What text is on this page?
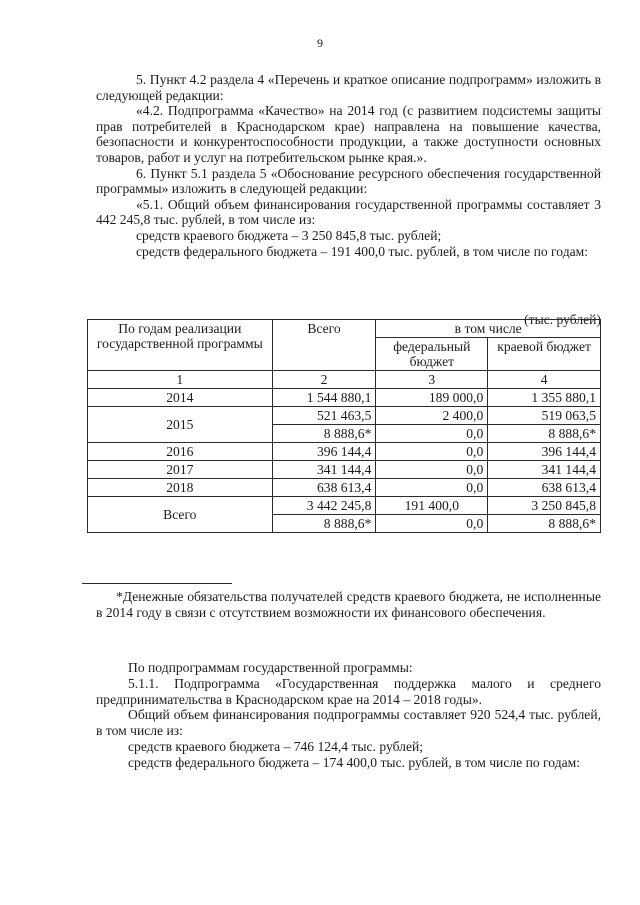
9

5. Пункт 4.2 раздела 4 «Перечень и краткое описание подпрограмм» изложить в следующей редакции:

«4.2. Подпрограмма «Качество» на 2014 год (с развитием подсистемы защиты прав потребителей в Краснодарском крае) направлена на повышение качества, безопасности и конкурентоспособности продукции, а также доступности основных товаров, работ и услуг на потребительском рынке края.».

6. Пункт 5.1 раздела 5 «Обоснование ресурсного обеспечения государственной программы» изложить в следующей редакции:

«5.1. Общий объем финансирования государственной программы составляет 3 442 245,8 тыс. рублей, в том числе из:

средств краевого бюджета – 3 250 845,8 тыс. рублей;

средств федерального бюджета – 191 400,0 тыс. рублей, в том числе по годам:

(тыс. рублей)
По годам реализации государственной программы	Всего	в том числе	
		федеральный бюджет	краевой бюджет
1	2	3	4
2014	1 544 880,1	189 000,0	1 355 880,1
2015	521 463,5	2 400,0	519 063,5
	8 888,6*	0,0	8 888,6*
2016	396 144,4	0,0	396 144,4
2017	341 144,4	0,0	341 144,4
2018	638 613,4	0,0	638 613,4
Всего	3 442 245,8	191 400,0	3 250 845,8
	8 888,6*	0,0	8 888,6*

*Денежные обязательства получателей средств краевого бюджета, не исполненные в 2014 году в связи с отсутствием возможности их финансового обеспечения.

По подпрограммам государственной программы:

5.1.1. Подпрограмма «Государственная поддержка малого и среднего предпринимательства в Краснодарском крае на 2014 – 2018 годы».

Общий объем финансирования подпрограммы составляет 920 524,4 тыс. рублей, в том числе из:

средств краевого бюджета – 746 124,4 тыс. рублей;

средств федерального бюджета – 174 400,0 тыс. рублей, в том числе по годам:
